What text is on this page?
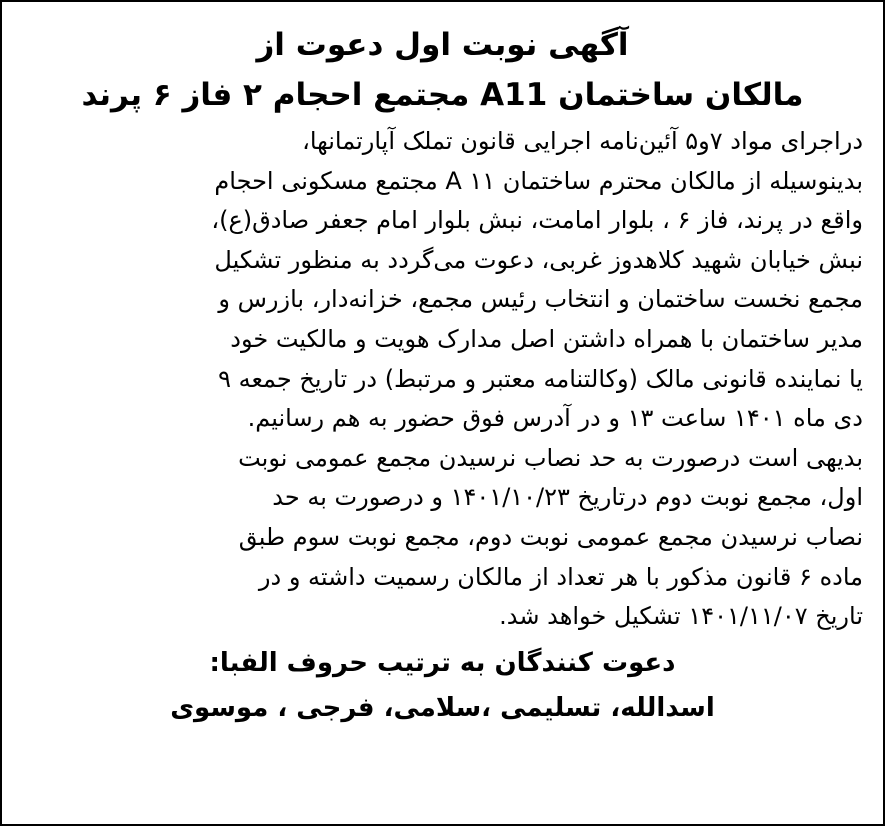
آگهی نوبت اول دعوت از
مالکان ساختمان A11 مجتمع احجام ۲ فاز ۶ پرند
دراجرای مواد ۷و۵ آئین‌نامه اجرایی قانون تملک آپارتمانها،
بدینوسیله از مالکان محترم ساختمان ۱۱ A مجتمع مسکونی احجام
واقع در پرند، فاز ۶ ، بلوار امامت، نبش بلوار امام جعفر صادق(ع)،
نبش خیابان شهید کلاهدوز غربی، دعوت می‌گردد به منظور تشکیل
مجمع نخست ساختمان و انتخاب رئیس مجمع، خزانه‌دار، بازرس و
مدیر ساختمان با همراه داشتن اصل مدارک هویت و مالکیت خود
یا نماینده قانونی مالک (وکالتنامه معتبر و مرتبط) در تاریخ جمعه ۹
دی ماه ۱۴۰۱ ساعت ۱۳ و در آدرس فوق حضور به هم رسانیم.
بدیهی است درصورت به حد نصاب نرسیدن مجمع عمومی نوبت
اول، مجمع نوبت دوم درتاریخ ۱۴۰۱/۱۰/۲۳ و درصورت به حد
نصاب نرسیدن مجمع عمومی نوبت دوم، مجمع نوبت سوم طبق
ماده ۶ قانون مذکور با هر تعداد از مالکان رسمیت داشته و در
تاریخ ۱۴۰۱/۱۱/۰۷ تشکیل خواهد شد.
دعوت کنندگان به ترتیب حروف الفبا:
اسدالله، تسلیمی ،سلامی، فرجی ، موسوی
